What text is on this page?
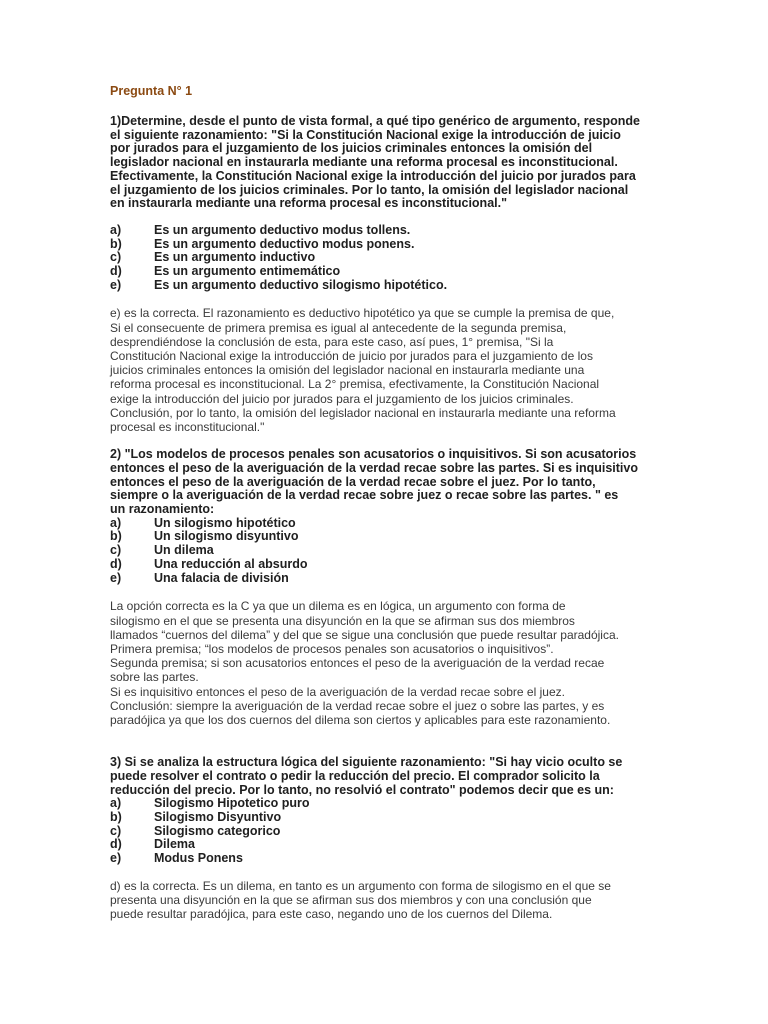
Pregunta N° 1
1)Determine, desde el punto de vista formal, a qué tipo genérico de argumento, responde
el siguiente razonamiento: "Si la Constitución Nacional exige la introducción de juicio
por jurados para el juzgamiento de los juicios criminales entonces la omisión del
legislador nacional en instaurarla mediante una reforma procesal es inconstitucional.
Efectivamente, la Constitución Nacional exige la introducción del juicio por jurados para
el juzgamiento de los juicios criminales. Por lo tanto, la omisión del legislador nacional
en instaurarla mediante una reforma procesal es inconstitucional."
a)	Es un argumento deductivo modus tollens.
b)	Es un argumento deductivo modus ponens.
c)	Es un argumento inductivo
d)	Es un argumento entimemático
e)	Es un argumento deductivo silogismo hipotético.
e) es la correcta. El razonamiento es deductivo hipotético ya que se cumple la premisa de que,
Si el consecuente de primera premisa es igual al antecedente de la segunda premisa,
desprendiéndose la conclusión de esta, para este caso, así pues, 1° premisa, "Si la
Constitución Nacional exige la introducción de juicio por jurados para el juzgamiento de los
juicios criminales entonces la omisión del legislador nacional en instaurarla mediante una
reforma procesal es inconstitucional. La 2° premisa, efectivamente, la Constitución Nacional
exige la introducción del juicio por jurados para el juzgamiento de los juicios criminales.
Conclusión, por lo tanto, la omisión del legislador nacional en instaurarla mediante una reforma
procesal es inconstitucional."
2) "Los modelos de procesos penales son acusatorios o inquisitivos. Si son acusatorios
entonces el peso de la averiguación de la verdad recae sobre las partes. Si es inquisitivo
entonces el peso de la averiguación de la verdad recae sobre el juez. Por lo tanto,
siempre o la averiguación de la verdad recae sobre juez o recae sobre las partes. " es
un razonamiento:
a)	Un silogismo hipotético
b)	Un silogismo disyuntivo
c)	Un dilema
d)	Una reducción al absurdo
e)	Una falacia de división
La opción correcta es la C ya que un dilema es en lógica, un argumento con forma de
silogismo en el que se presenta una disyunción en la que se afirman sus dos miembros
llamados “cuernos del dilema” y del que se sigue una conclusión que puede resultar paradójica.
Primera premisa; “los modelos de procesos penales son acusatorios o inquisitivos”.
Segunda premisa; si son acusatorios entonces el peso de la averiguación de la verdad recae
sobre las partes.
Si es inquisitivo entonces el peso de la averiguación de la verdad recae sobre el juez.
Conclusión: siempre la averiguación de la verdad recae sobre el juez o sobre las partes, y es
paradójica ya que los dos cuernos del dilema son ciertos y aplicables para este razonamiento.
3) Si se analiza la estructura lógica del siguiente razonamiento: "Si hay vicio oculto se
puede resolver el contrato o pedir la reducción del precio. El comprador solicito la
reducción del precio. Por lo tanto, no resolvió el contrato" podemos decir que es un:
a)	Silogismo Hipotetico puro
b)	Silogismo Disyuntivo
c)	Silogismo categorico
d)	Dilema
e)	Modus Ponens
d) es la correcta. Es un dilema, en tanto es un argumento con forma de silogismo en el que se
presenta una disyunción en la que se afirman sus dos miembros y con una conclusión que
puede resultar paradójica, para este caso, negando uno de los cuernos del Dilema.
